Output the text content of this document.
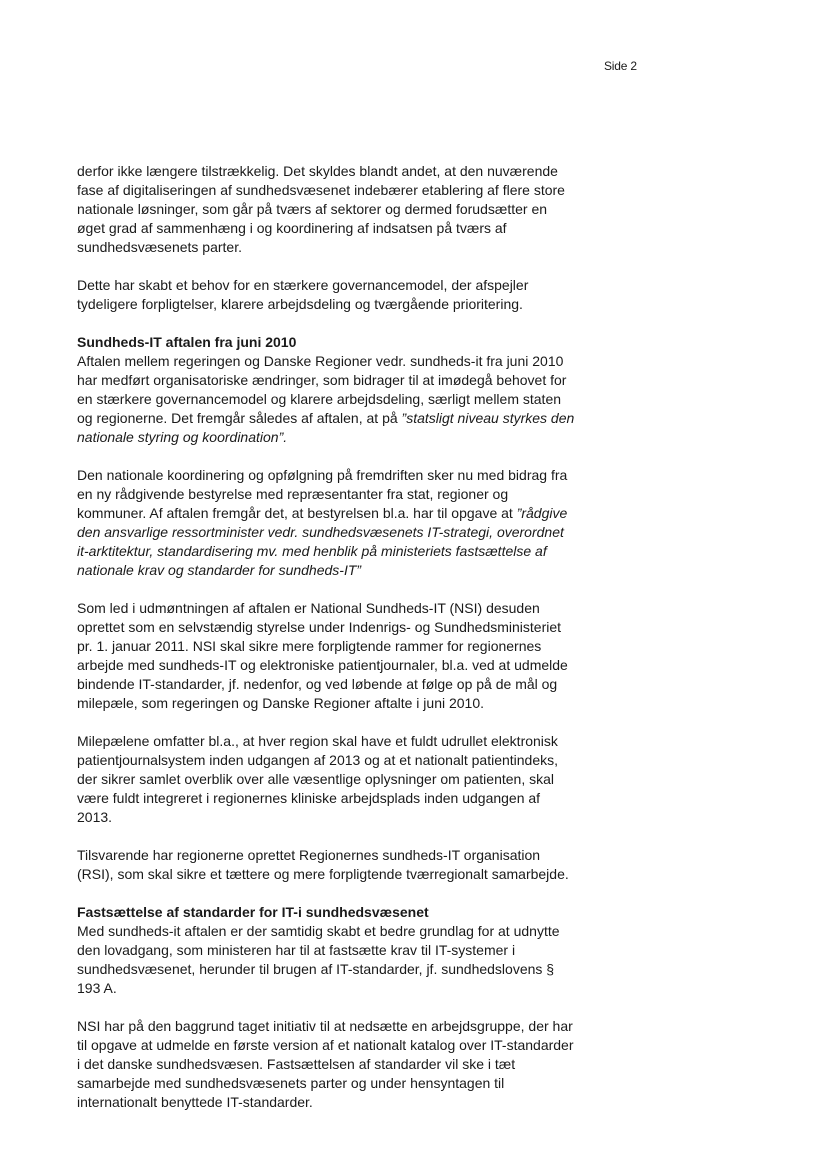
Side 2

derfor ikke længere tilstrækkelig. Det skyldes blandt andet, at den nuværende fase af digitaliseringen af sundhedsvæsenet indebærer etablering af flere store nationale løsninger, som går på tværs af sektorer og dermed forudsætter en øget grad af sammenhæng i og koordinering af indsatsen på tværs af sundhedsvæsenets parter.

Dette har skabt et behov for en stærkere governancemodel, der afspejler tydeligere forpligtelser, klarere arbejdsdeling og tværgående prioritering.

Sundheds-IT aftalen fra juni 2010
Aftalen mellem regeringen og Danske Regioner vedr. sundheds-it fra juni 2010 har medført organisatoriske ændringer, som bidrager til at imødegå behovet for en stærkere governancemodel og klarere arbejdsdeling, særligt mellem staten og regionerne. Det fremgår således af aftalen, at på ”statsligt niveau styrkes den nationale styring og koordination”.

Den nationale koordinering og opfølgning på fremdriften sker nu med bidrag fra en ny rådgivende bestyrelse med repræsentanter fra stat, regioner og kommuner. Af aftalen fremgår det, at bestyrelsen bl.a. har til opgave at ”rådgive den ansvarlige ressortminister vedr. sundhedsvæsenets IT-strategi, overordnet it-arktitektur, standardisering mv. med henblik på ministeriets fastsættelse af nationale krav og standarder for sundheds-IT”

Som led i udmøntningen af aftalen er National Sundheds-IT (NSI) desuden oprettet som en selvstændig styrelse under Indenrigs- og Sundhedsministeriet pr. 1. januar 2011. NSI skal sikre mere forpligtende rammer for regionernes arbejde med sundheds-IT og elektroniske patientjournaler, bl.a. ved at udmelde bindende IT-standarder, jf. nedenfor, og ved løbende at følge op på de mål og milepæle, som regeringen og Danske Regioner aftalte i juni 2010.

Milepælene omfatter bl.a., at hver region skal have et fuldt udrullet elektronisk patientjournalsystem inden udgangen af 2013 og at et nationalt patientindeks, der sikrer samlet overblik over alle væsentlige oplysninger om patienten, skal være fuldt integreret i regionernes kliniske arbejdsplads inden udgangen af 2013.

Tilsvarende har regionerne oprettet Regionernes sundheds-IT organisation (RSI), som skal sikre et tættere og mere forpligtende tværregionalt samarbejde.

Fastsættelse af standarder for IT-i sundhedsvæsenet
Med sundheds-it aftalen er der samtidig skabt et bedre grundlag for at udnytte den lovadgang, som ministeren har til at fastsætte krav til IT-systemer i sundhedsvæsenet, herunder til brugen af IT-standarder, jf. sundhedslovens § 193 A.

NSI har på den baggrund taget initiativ til at nedsætte en arbejdsgruppe, der har til opgave at udmelde en første version af et nationalt katalog over IT-standarder i det danske sundhedsvæsen. Fastsættelsen af standarder vil ske i tæt samarbejde med sundhedsvæsenets parter og under hensyntagen til internationalt benyttede IT-standarder.
